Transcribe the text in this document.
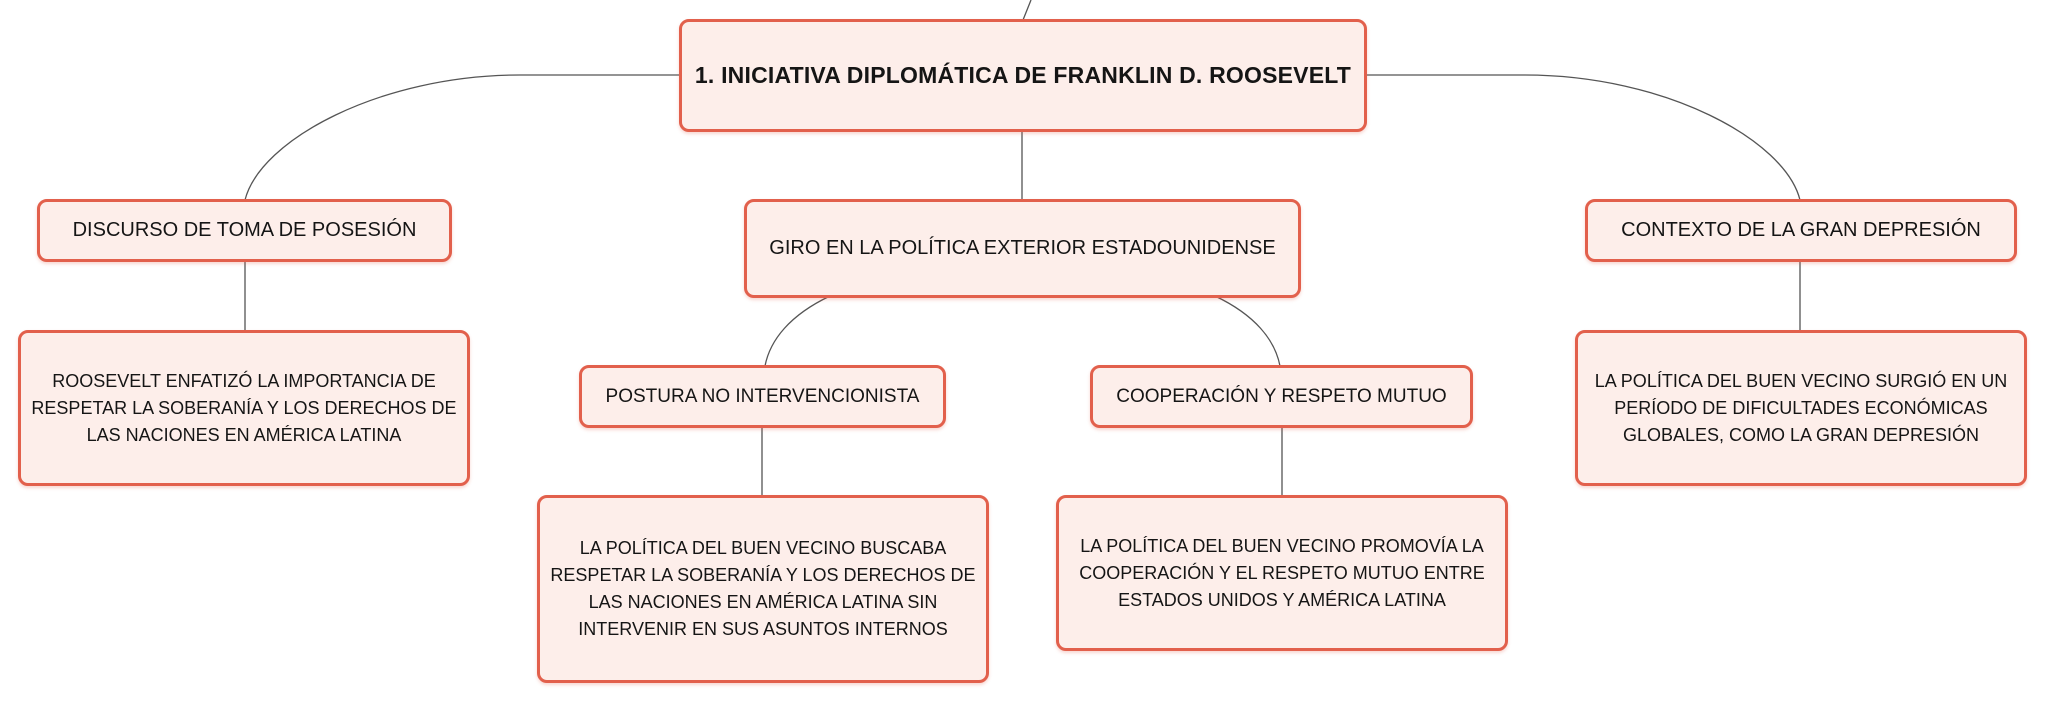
1. INICIATIVA DIPLOMÁTICA DE FRANKLIN D. ROOSEVELT
DISCURSO DE TOMA DE POSESIÓN
GIRO EN LA POLÍTICA EXTERIOR ESTADOUNIDENSE
CONTEXTO DE LA GRAN DEPRESIÓN
ROOSEVELT ENFATIZÓ LA IMPORTANCIA DE RESPETAR LA SOBERANÍA Y LOS DERECHOS DE LAS NACIONES EN AMÉRICA LATINA
POSTURA NO INTERVENCIONISTA	COOPERACIÓN Y RESPETO MUTUO
LA POLÍTICA DEL BUEN VECINO SURGIÓ EN UN PERÍODO DE DIFICULTADES ECONÓMICAS GLOBALES, COMO LA GRAN DEPRESIÓN
LA POLÍTICA DEL BUEN VECINO BUSCABA RESPETAR LA SOBERANÍA Y LOS DERECHOS DE LAS NACIONES EN AMÉRICA LATINA SIN INTERVENIR EN SUS ASUNTOS INTERNOS
LA POLÍTICA DEL BUEN VECINO PROMOVÍA LA COOPERACIÓN Y EL RESPETO MUTUO ENTRE ESTADOS UNIDOS Y AMÉRICA LATINA
